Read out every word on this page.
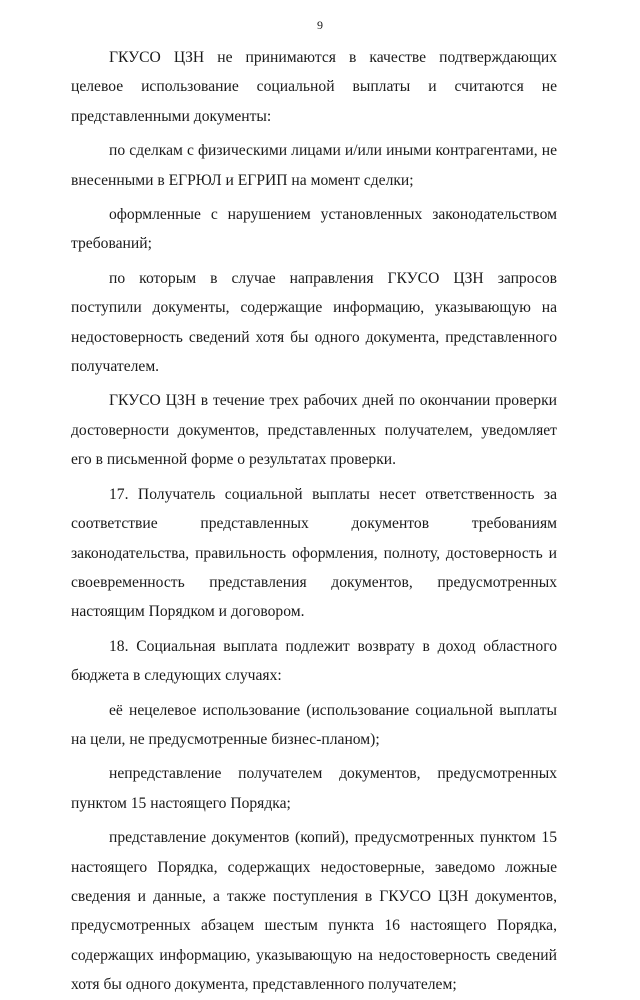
9

ГКУСО ЦЗН не принимаются в качестве подтверждающих целевое использование социальной выплаты и считаются не представленными документы:

по сделкам с физическими лицами и/или иными контрагентами, не внесенными в ЕГРЮЛ и ЕГРИП на момент сделки;

оформленные с нарушением установленных законодательством требований;

по которым в случае направления ГКУСО ЦЗН запросов поступили документы, содержащие информацию, указывающую на недостоверность сведений хотя бы одного документа, представленного получателем.

ГКУСО ЦЗН в течение трех рабочих дней по окончании проверки достоверности документов, представленных получателем, уведомляет его в письменной форме о результатах проверки.

17. Получатель социальной выплаты несет ответственность за соответствие представленных документов требованиям законодательства, правильность оформления, полноту, достоверность и своевременность представления документов, предусмотренных настоящим Порядком и договором.

18. Социальная выплата подлежит возврату в доход областного бюджета в следующих случаях:

её нецелевое использование (использование социальной выплаты на цели, не предусмотренные бизнес-планом);

непредставление получателем документов, предусмотренных пунктом 15 настоящего Порядка;

представление документов (копий), предусмотренных пунктом 15 настоящего Порядка, содержащих недостоверные, заведомо ложные сведения и данные, а также поступления в ГКУСО ЦЗН документов, предусмотренных абзацем шестым пункта 16 настоящего Порядка, содержащих информацию, указывающую на недостоверность сведений хотя бы одного документа, представленного получателем;
